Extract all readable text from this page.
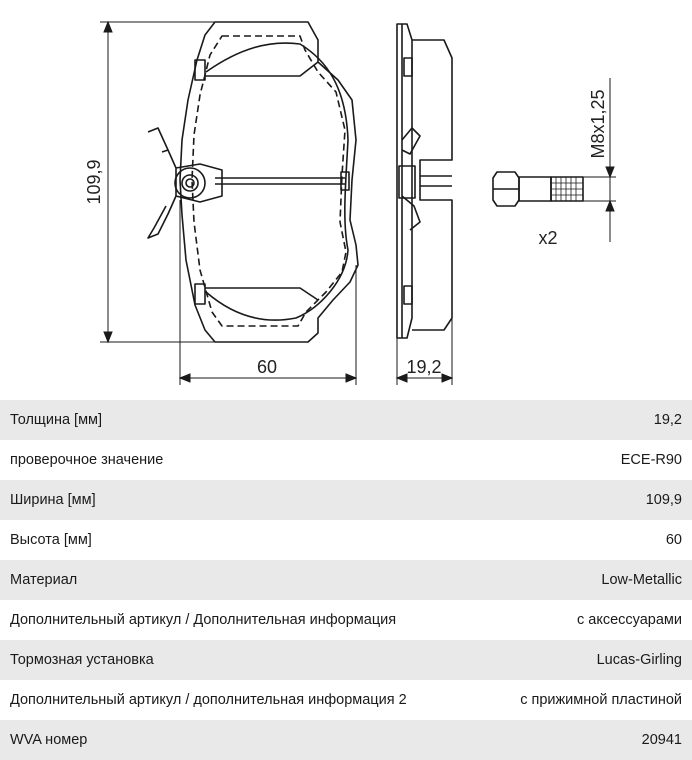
109,9
60	19,2
M8x1,25
x2
Толщина [мм]	19,2
проверочное значение	ECE-R90
Ширина [мм]	109,9
Высота [мм]	60
Материал	Low-Metallic
Дополнительный артикул / Дополнительная информация	с аксессуарами
Тормозная установка	Lucas-Girling
Дополнительный артикул / дополнительная информация 2	с прижимной пластиной
WVA номер	20941
